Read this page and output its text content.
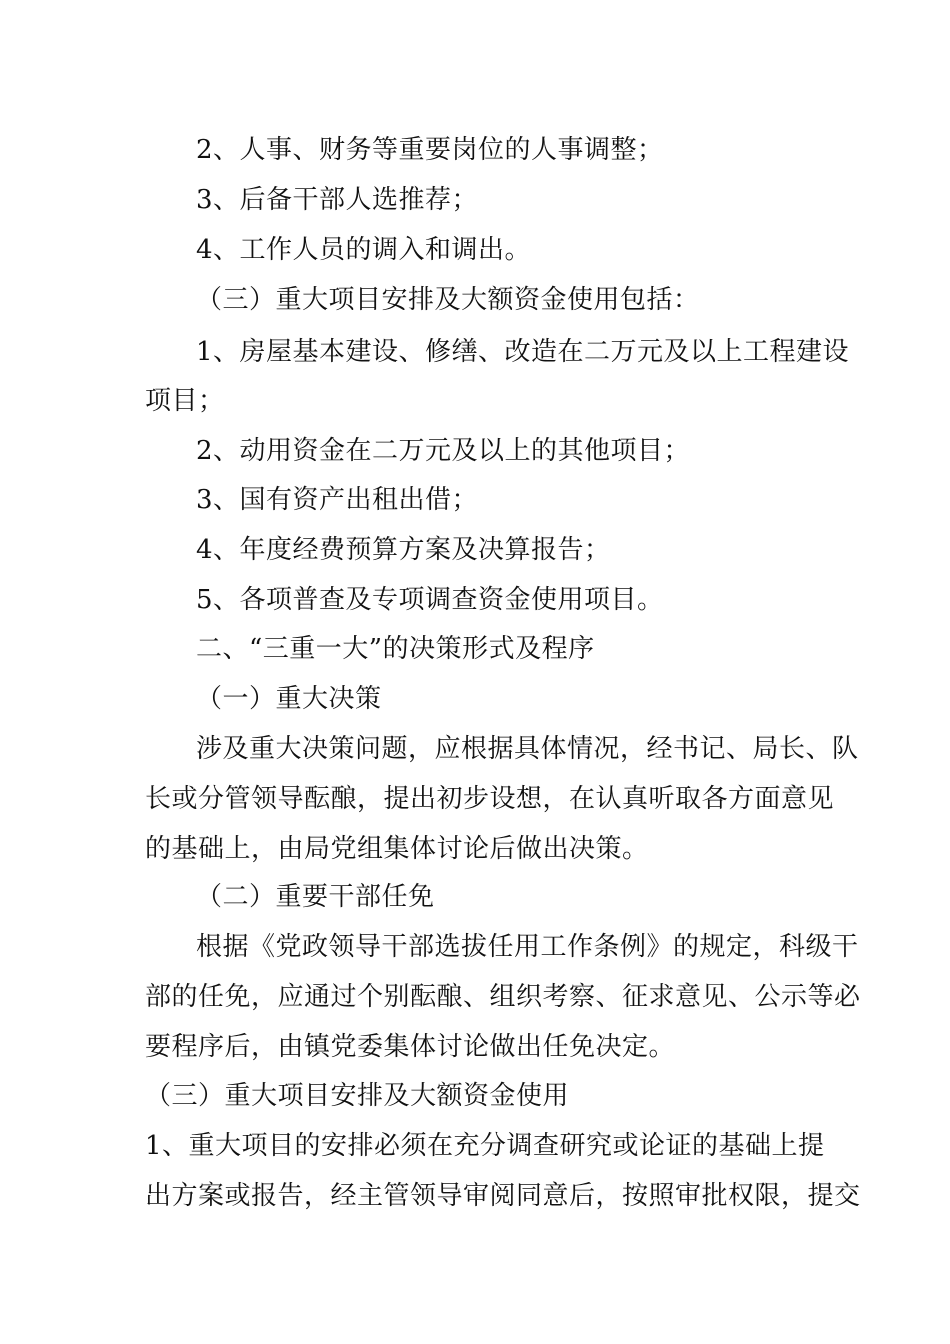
2、人事、财务等重要岗位的人事调整；
3、后备干部人选推荐；
4、工作人员的调入和调出。
（三）重大项目安排及大额资金使用包括：
1、房屋基本建设、修缮、改造在二万元及以上工程建设
项目；
2、动用资金在二万元及以上的其他项目；
3、国有资产出租出借；
4、年度经费预算方案及决算报告；
5、各项普查及专项调查资金使用项目。
二、“三重一大”的决策形式及程序
（一）重大决策
涉及重大决策问题，应根据具体情况，经书记、局长、队
长或分管领导酝酿，提出初步设想，在认真听取各方面意见
的基础上，由局党组集体讨论后做出决策。
（二）重要干部任免
根据《党政领导干部选拔任用工作条例》的规定，科级干
部的任免，应通过个别酝酿、组织考察、征求意见、公示等必
要程序后，由镇党委集体讨论做出任免决定。
（三）重大项目安排及大额资金使用
1、重大项目的安排必须在充分调查研究或论证的基础上提
出方案或报告，经主管领导审阅同意后，按照审批权限，提交
